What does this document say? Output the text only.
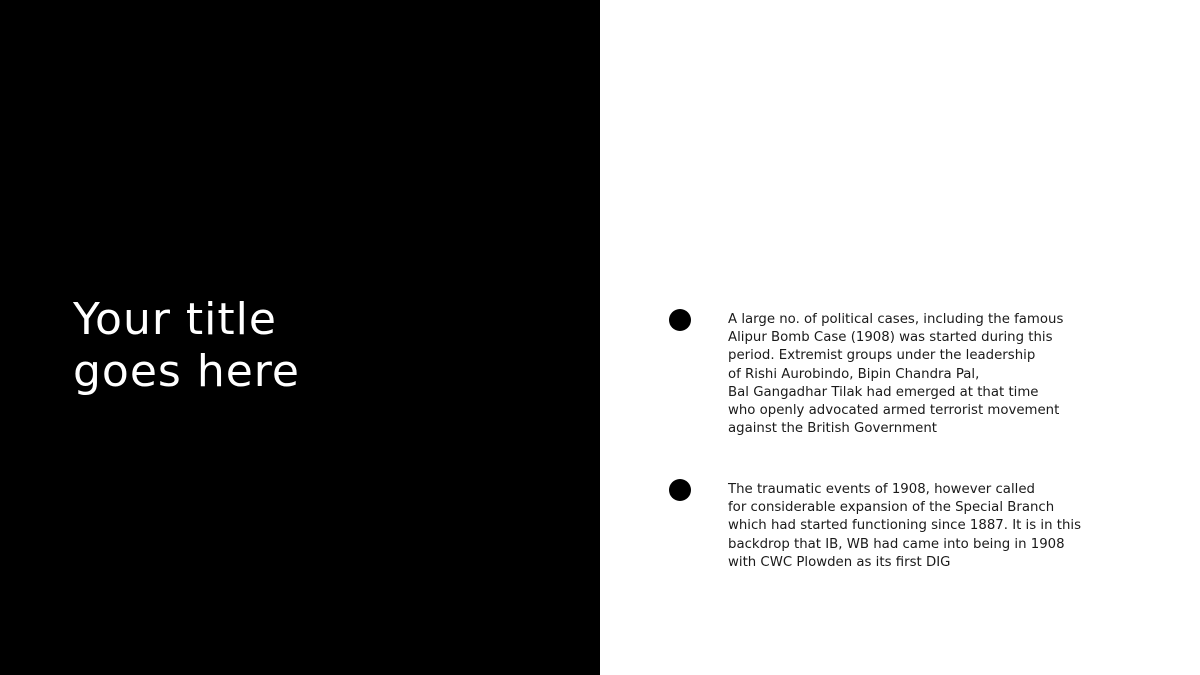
Your title
goes here
A large no. of political cases, including the famous
Alipur Bomb Case (1908) was started during this
period. Extremist groups under the leadership
of Rishi Aurobindo, Bipin Chandra Pal,
Bal Gangadhar Tilak had emerged at that time
who openly advocated armed terrorist movement
against the British Government
The traumatic events of 1908, however called
for considerable expansion of the Special Branch
which had started functioning since 1887. It is in this
backdrop that IB, WB had came into being in 1908
with CWC Plowden as its first DIG
